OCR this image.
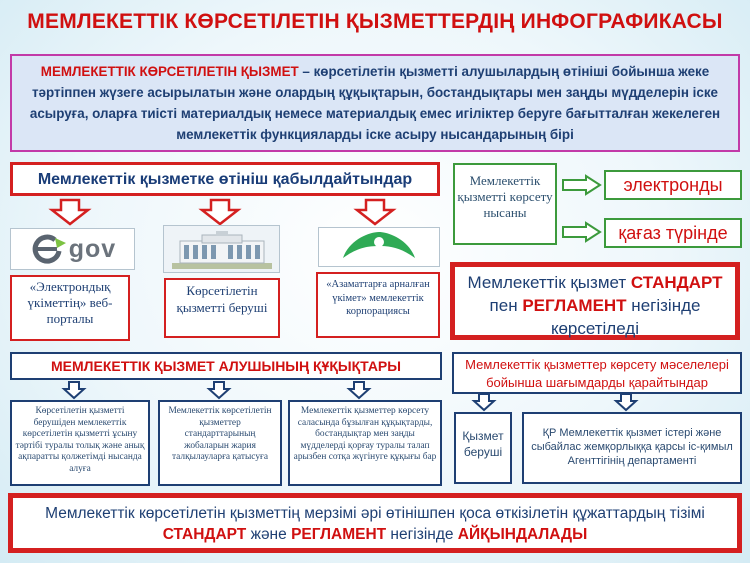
МЕМЛЕКЕТТІК КӨРСЕТІЛЕТІН ҚЫЗМЕТТЕРДІҢ ИНФОГРАФИКАСЫ
МЕМЛЕКЕТТІК КӨРСЕТІЛЕТІН ҚЫЗМЕТ – көрсетілетін қызметті алушылардың өтініші бойынша жеке тәртіппен жүзеге асырылатын және олардың құқықтарын, бостандықтары мен заңды мүдделерін іске асыруға, оларға тиісті материалдық немесе материалдық емес игіліктер беруге бағытталған жекелеген мемлекеттік функцияларды іске асыру нысандарының бірі
Мемлекеттік қызметке өтініш қабылдайтындар
gov
«Электрондық үкіметтің» веб-порталы
Көрсетілетін қызметті беруші
«Азаматтарға арналған үкімет» мемлекеттік корпорациясы
Мемлекеттік қызметті көрсету нысаны
электронды
қағаз түрінде
Мемлекеттік қызмет СТАНДАРТ пен РЕГЛАМЕНТ негізінде көрсетіледі
МЕМЛЕКЕТТІК ҚЫЗМЕТ АЛУШЫНЫҢ ҚҰҚЫҚТАРЫ
Көрсетілетін қызметті берушіден мемлекеттік көрсетілетін қызметті ұсыну тәртібі туралы толық және анық ақпаратты қолжетімді нысанда алуға
Мемлекеттік көрсетілетін қызметтер стандарттарының жобаларын жария талқылауларға қатысуға
Мемлекеттік қызметтер көрсету саласында бұзылған құқықтарды, бостандықтар мен заңды мүдделерді қорғау туралы талап арызбен сотқа жүгінуге құқығы бар
Мемлекеттік қызметтер көрсету мәселелері бойынша шағымдарды қарайтындар
Қызмет беруші
ҚР Мемлекеттік қызмет істері және сыбайлас жемқорлыққа қарсы іс-қимыл Агенттігінің департаменті
Мемлекеттік көрсетілетін қызметтің мерзімі әрі өтінішпен қоса өткізілетін құжаттардың тізімі СТАНДАРТ және РЕГЛАМЕНТ негізінде АЙҚЫНДАЛАДЫ
